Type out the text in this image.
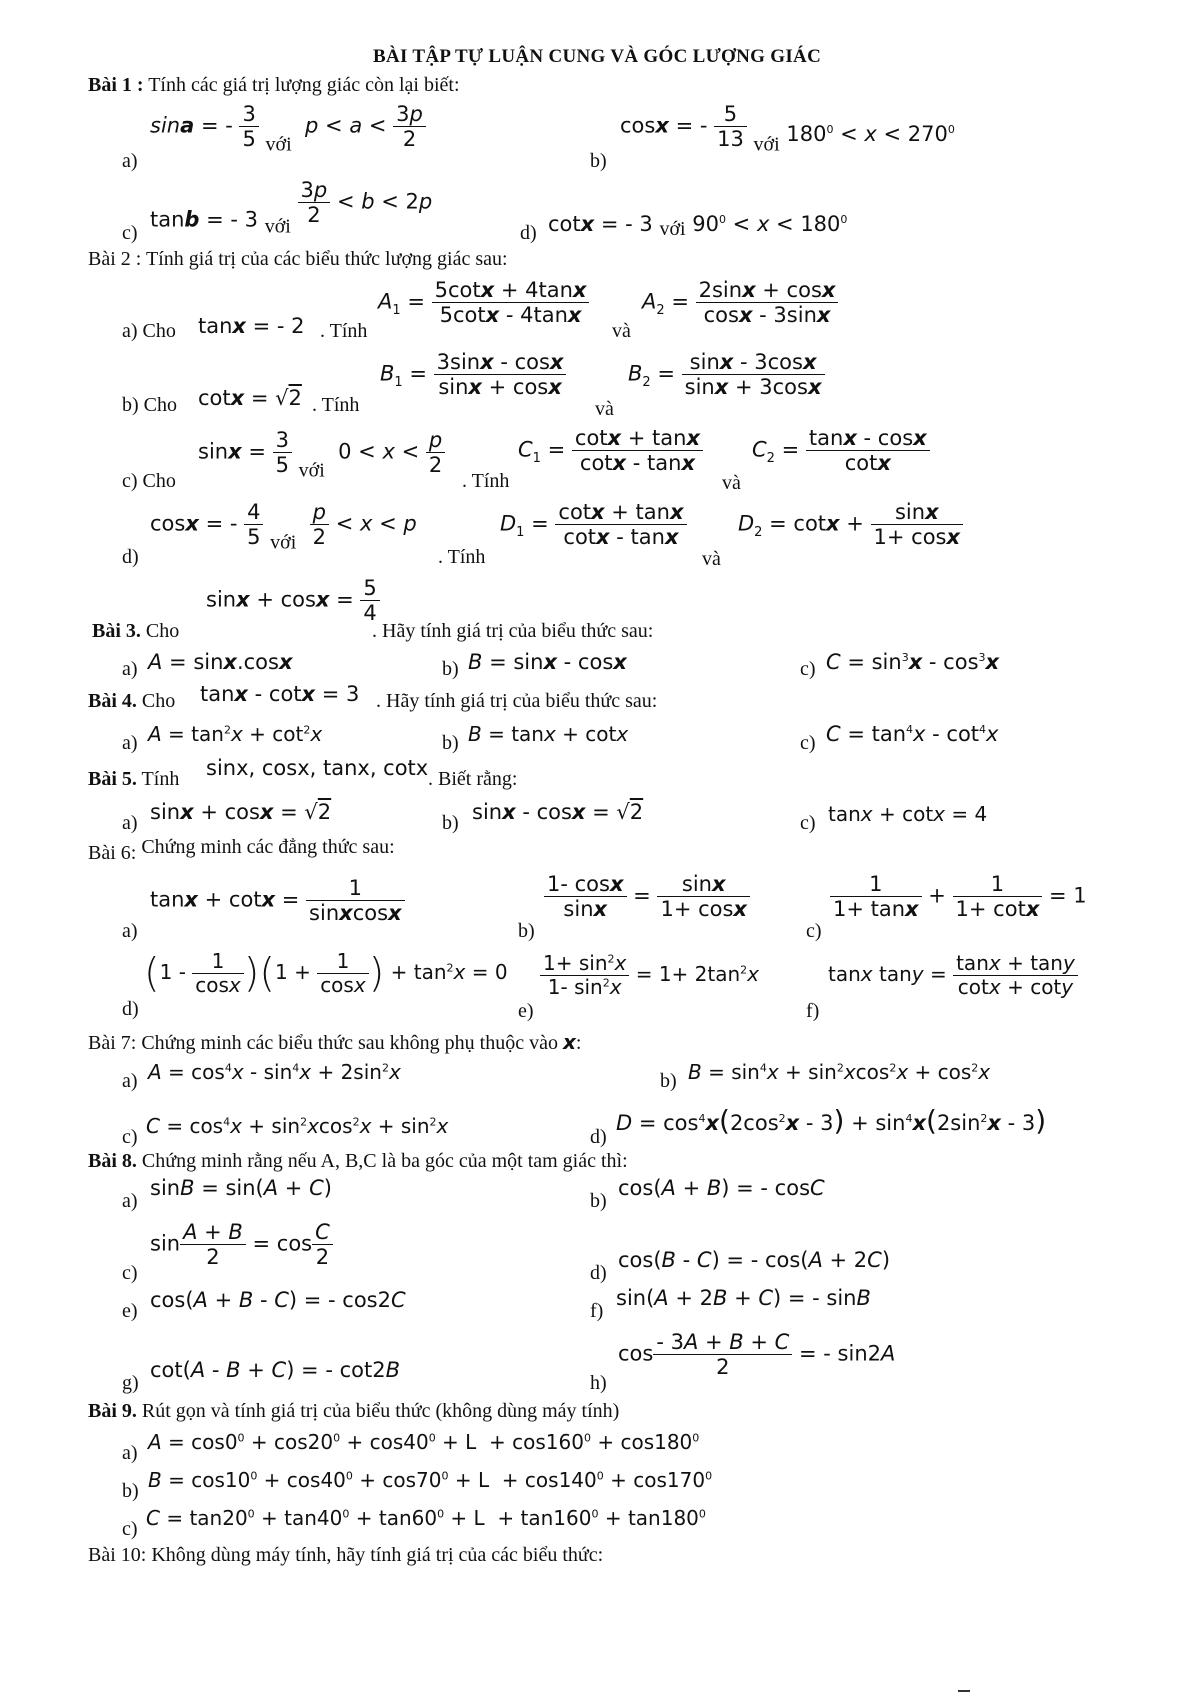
BÀI TẬP TỰ LUẬN CUNG VÀ GÓC LƯỢNG GIÁC
Bài 1 : Tính các giá trị lượng giác còn lại biết:
a)
sina = - $\frac{3}{5}$ với  $p < a < \frac{3p}{2}$
b)
cosx = - $\frac{5}{13}$ với $180^0 < x < 270^0$
c)
tanb = - 3 với $\frac{3p}{2} < b < 2p$
d) cotx = - 3 với $90^0 < x < 180^0$
Bài 2 : Tính giá trị của các biểu thức lượng giác sau:
a) Cho tanx = - 2 . Tính
$A_1 = \frac{5\cot x + 4\tan x}{5\cot x - 4\tan x}$
và
$A_2 = \frac{2\sin x + \cos x}{\cos x - 3\sin x}$
b) Cho cotx = √2 . Tính
$B_1 = \frac{3\sin x - \cos x}{\sin x + \cos x}$
và
$B_2 = \frac{\sin x - 3\cos x}{\sin x + 3\cos x}$
c) Cho
$\sin x = \frac{3}{5}$ với  $0 < x < \frac{p}{2}$
. Tính
$C_1 = \frac{\cot x + \tan x}{\cot x - \tan x}$
và
$C_2 = \frac{\tan x - \cos x}{\cot x}$
d)
cosx = - $\frac{4}{5}$ với $\frac{p}{2} < x < p$
. Tính
$D_1 = \frac{\cot x + \tan x}{\cot x - \tan x}$
và
$D_2 = \cot x + \frac{\sin x}{1+ \cos x}$
Bài 3. Cho
$\sin x + \cos x = \frac{5}{4}$
. Hãy tính giá trị của biểu thức sau:
a) A = sinx.cosx	b) B = sinx - cosx	c) $C = \sin^3x - \cos^3x$
Bài 4. Cho tanx - cotx = 3 . Hãy tính giá trị của biểu thức sau:
a) $A = \tan^2x + \cot^2x$	b) B = tanx + cotx	c) $C = \tan^4x - \cot^4x$
Bài 5. Tính sinx, cosx, tanx, cotx . Biết rằng:
a) sinx + cosx = √2	b) sinx - cosx = √2	c) tanx + cotx = 4
Bài 6: Chứng minh các đẳng thức sau:
a)
$\tan x + \cot x = \frac{1}{\text{sinxcosx}}$
b)
$\frac{1- \cos x}{\sin x} = \frac{\sin x}{1+ \cos x}$
c)
$\frac{1}{1+ \tan x} + \frac{1}{1+ \cot x} = 1$
d)
$(1 - \frac{1}{\cos x} )(1 + \frac{1}{\cos x}$ ) + $\tan^2x = 0$
e)
$\frac{1+ \sin^2x}{1- \sin^2x} = 1+ 2\tan^2x$
f)
tanx $\tan y = \frac{\tan x + \tan y}{\cot x + \cot y}$
Bài 7: Chứng minh các biểu thức sau không phụ thuộc vào x:
a) $A = \cos^4x - \sin^4x + 2\sin^2x$	b) $B = \sin^4x + \sin^2xcos^2x + \cos^2x$
c) $C = \cos^4x + \sin^2xcos^2x + \sin^2x$	d)
$D = \cos^4x(2\cos^2x - 3) + \sin^4x(2\sin^2x - 3)$
Bài 8. Chứng minh rằng nếu A, B,C là ba góc của một tam giác thì:
a)
sinB = sin(A + C)
b)
cos(A + B) = - cosC
c)
$\sin \frac{A + B}{2} = \cos \frac{C}{2}$
d)
cos(B - C) = - cos(A + 2C)
e) cos(A + B - C) = - cos2C	f)
sin(A + 2B + C) = - sinB
g)
cot(A - B + C) = - cot2B
h)
$\cos \frac{- 3A + B + C}{2}$ = - sin2A
Bài 9. Rút gọn và tính giá trị của biểu thức (không dùng máy tính)
a) $A = \cos 0^0 + \cos 20^0 + \cos 40^0 + L + \cos 160^0 + \cos 180^0$
b) $B = \cos 10^0 + \cos 40^0 + \cos 70^0 + L + \cos 140^0 + \cos 170^0$
c) $C = \tan 20^0 + \tan 40^0 + \tan 60^0 + L + \tan 160^0 + \tan 180^0$
Bài 10: Không dùng máy tính, hãy tính giá trị của các biểu thức:
